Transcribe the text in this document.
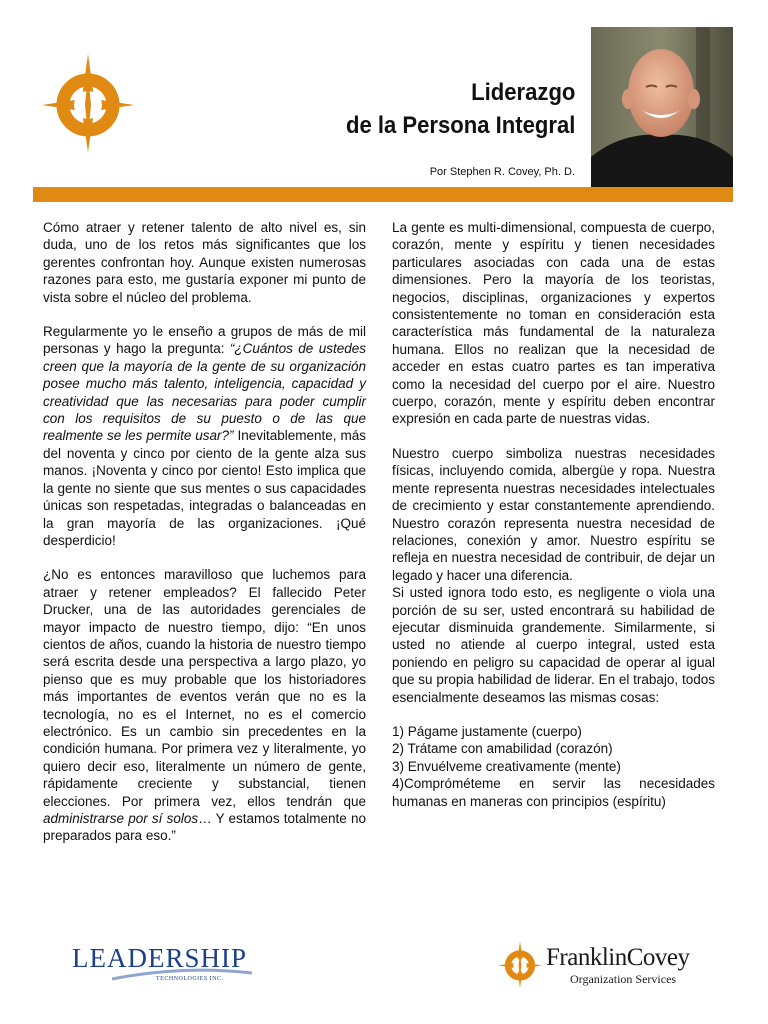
Liderazgo
de la Persona Integral
Por Stephen R. Covey, Ph. D.

Cómo atraer y retener talento de alto nivel es, sin duda, uno de los retos más significantes que los gerentes confrontan hoy. Aunque existen numerosas razones para esto, me gustaría exponer mi punto de vista sobre el núcleo del problema.

Regularmente yo le enseño a grupos de más de mil personas y hago la pregunta: “¿Cuántos de ustedes creen que la mayoría de la gente de su organización posee mucho más talento, inteligencia, capacidad y creatividad que las necesarias para poder cumplir con los requisitos de su puesto o de las que realmente se les permite usar?” Inevitablemente, más del noventa y cinco por ciento de la gente alza sus manos. ¡Noventa y cinco por ciento! Esto implica que la gente no siente que sus mentes o sus capacidades únicas son respetadas, integradas o balanceadas en la gran mayoría de las organizaciones. ¡Qué desperdicio!

¿No es entonces maravilloso que luchemos para atraer y retener empleados? El fallecido Peter Drucker, una de las autoridades gerenciales de mayor impacto de nuestro tiempo, dijo: “En unos cientos de años, cuando la historia de nuestro tiempo será escrita desde una perspectiva a largo plazo, yo pienso que es muy probable que los historiadores más importantes de eventos verán que no es la tecnología, no es el Internet, no es el comercio electrónico. Es un cambio sin precedentes en la condición humana. Por primera vez y literalmente, yo quiero decir eso, literalmente un número de gente, rápidamente creciente y substancial, tienen elecciones. Por primera vez, ellos tendrán que administrarse por sí solos… Y estamos totalmente no preparados para eso.”

La gente es multi-dimensional, compuesta de cuerpo, corazón, mente y espíritu y tienen necesidades particulares asociadas con cada una de estas dimensiones. Pero la mayoría de los teoristas, negocios, disciplinas, organizaciones y expertos consistentemente no toman en consideración esta característica más fundamental de la naturaleza humana. Ellos no realizan que la necesidad de acceder en estas cuatro partes es tan imperativa como la necesidad del cuerpo por el aire. Nuestro cuerpo, corazón, mente y espíritu deben encontrar expresión en cada parte de nuestras vidas.

Nuestro cuerpo simboliza nuestras necesidades físicas, incluyendo comida, albergüe y ropa. Nuestra mente representa nuestras necesidades intelectuales de crecimiento y estar constantemente aprendiendo. Nuestro corazón representa nuestra necesidad de relaciones, conexión y amor. Nuestro espíritu se refleja en nuestra necesidad de contribuir, de dejar un legado y hacer una diferencia.

Si usted ignora todo esto, es negligente o viola una porción de su ser, usted encontrará su habilidad de ejecutar disminuida grandemente. Similarmente, si usted no atiende al cuerpo integral, usted esta poniendo en peligro su capacidad de operar al igual que su propia habilidad de liderar. En el trabajo, todos esencialmente deseamos las mismas cosas:

1) Págame justamente (cuerpo)

2) Trátame con amabilidad (corazón)

3) Envuélveme creativamente (mente)

4)Compróméteme en servir las necesidades humanas en maneras con principios (espíritu)

LEADERSHIP
TECHNOLOGIES INC.
FranklinCovey
Organization Services
